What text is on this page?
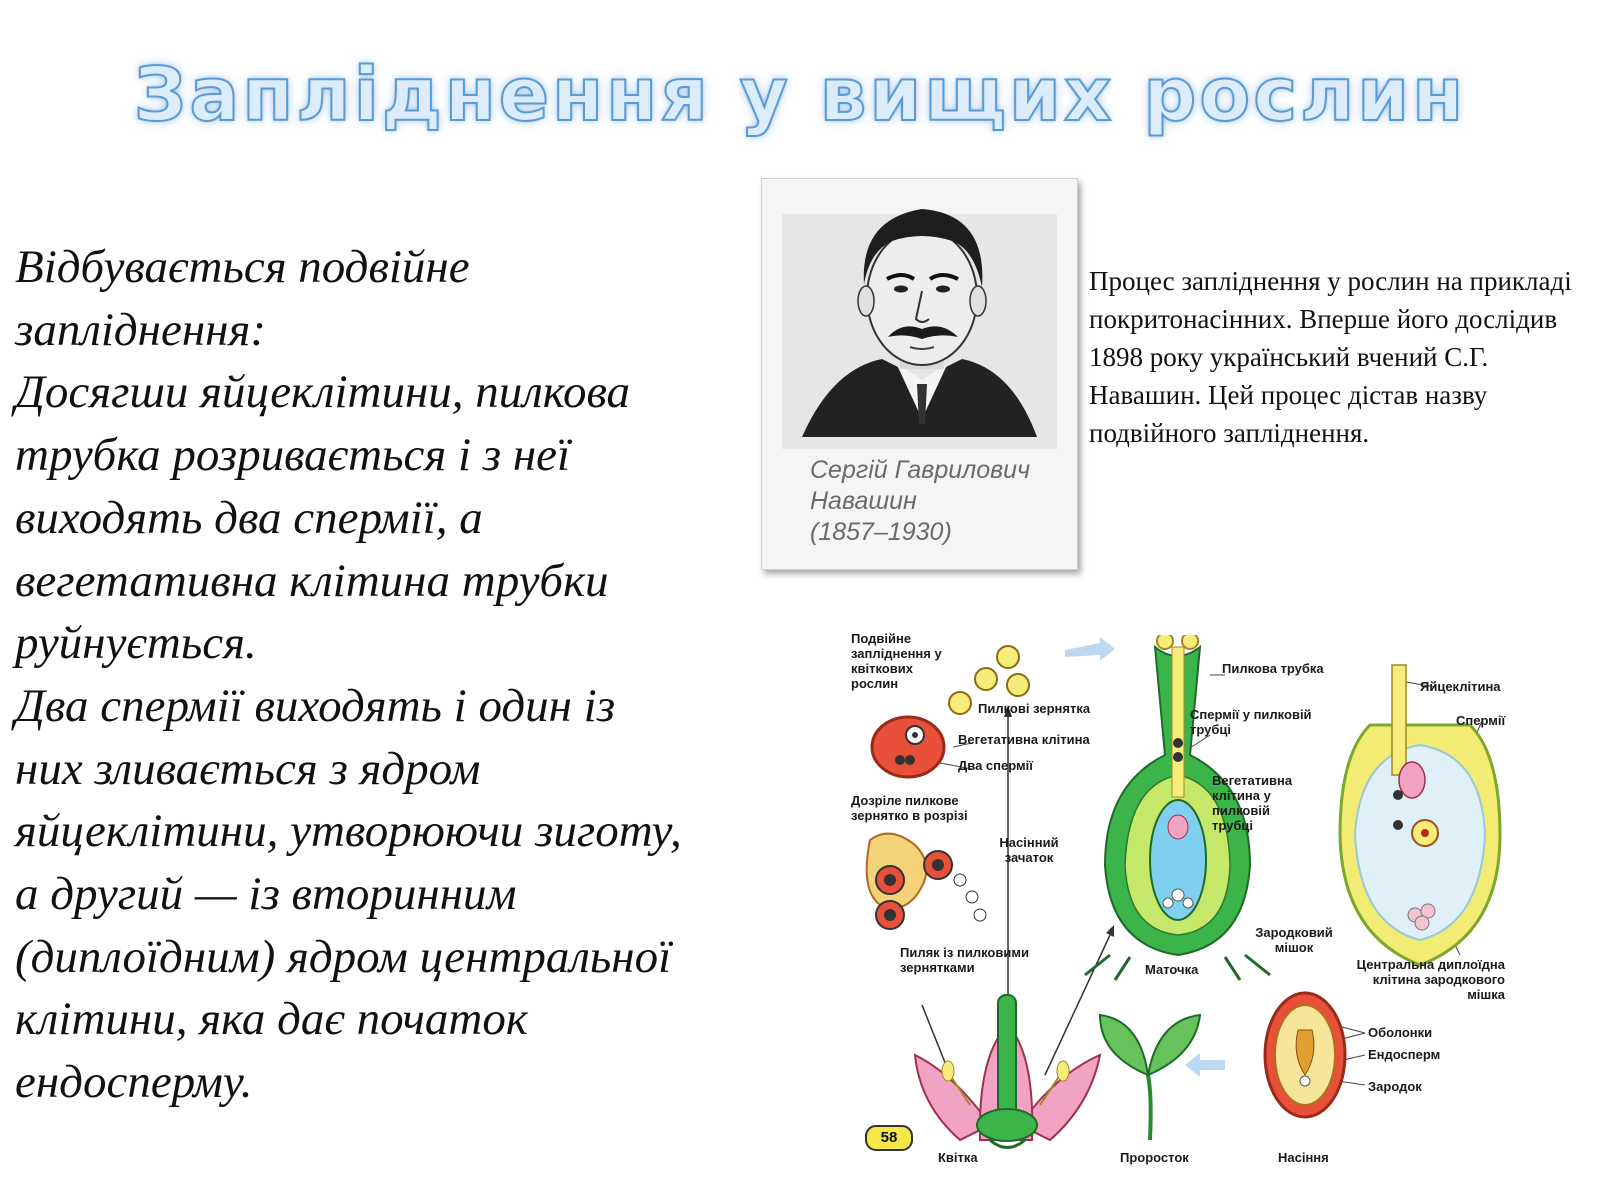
Запліднення у вищих рослин

Відбувається подвійне

запліднення:

Досягши яйцеклітини, пилкова

трубка розривається і з неї

виходять два спермії, а

вегетативна клітина трубки

руйнується.

Два спермії виходять і один із

них зливається з ядром

яйцеклітини, утворюючи зиготу,

а другий — із вторинним

(диплоїдним) ядром центральної

клітини, яка дає початок

ендосперму.

Сергій Гаврилович
Навашин
(1857–1930)
Процес запліднення у рослин на прикладі покритонасінних. Вперше його дослідив 1898 року український вчений С.Г. Навашин. Цей процес дістав назву подвійного запліднення.
Подвійне запліднення у квіткових рослин
Пилкові зернятка
Вегетативна клітина
Два спермії
Дозріле пилкове зернятко в розрізі
Пиляк із пилковими зернятками
Пилкова трубка
Спермії у пилковій трубці
Вегетативна клітина у пилковій трубці
Насінний зачаток
Маточка
Яйцеклітина
Спермії
Зародковий мішок
Центральна диплоїдна клітина зародкового мішка
Оболонки
Ендосперм
Зародок
Квітка	Проросток	Насіння
58
